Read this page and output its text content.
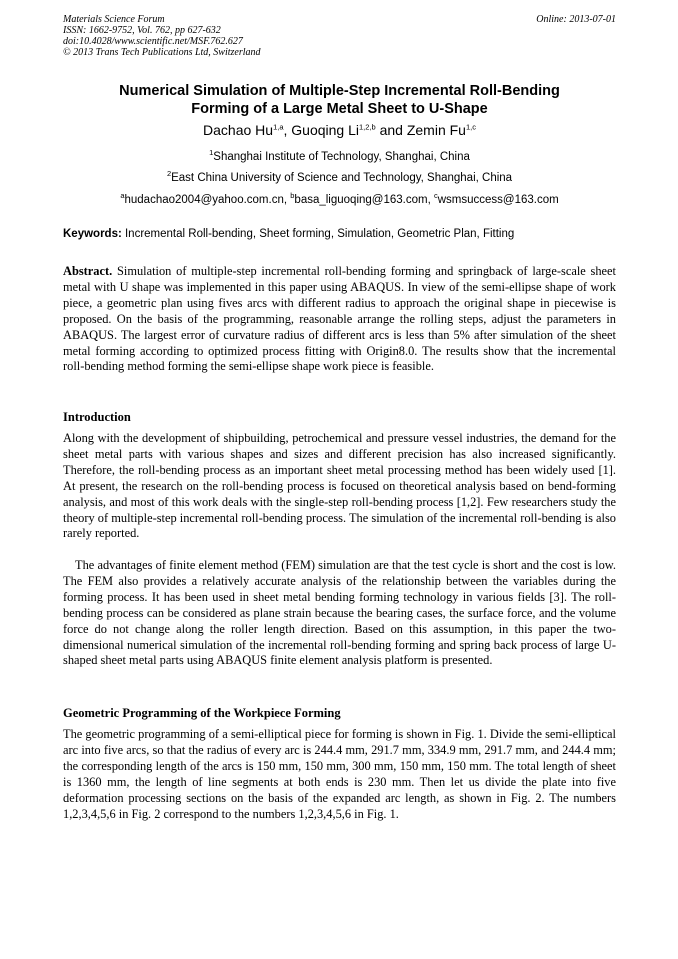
Materials Science Forum
ISSN: 1662-9752, Vol. 762, pp 627-632
doi:10.4028/www.scientific.net/MSF.762.627
© 2013 Trans Tech Publications Ltd, Switzerland
Online: 2013-07-01
Numerical Simulation of Multiple-Step Incremental Roll-Bending
Forming of a Large Metal Sheet to U-Shape
Dachao Hu$^{1,a}$, Guoqing Li$^{1,2,b}$ and Zemin Fu$^{1,c}$
$^1$Shanghai Institute of Technology, Shanghai, China
$^2$East China University of Science and Technology, Shanghai, China
$^a$hudachao2004@yahoo.com.cn, $^b$basa_liguoqing@163.com, $^c$wsmsuccess@163.com
Keywords: Incremental Roll-bending, Sheet forming, Simulation, Geometric Plan, Fitting

Abstract. Simulation of multiple-step incremental roll-bending forming and springback of large-scale sheet metal with U shape was implemented in this paper using ABAQUS. In view of the semi-ellipse shape of work piece, a geometric plan using fives arcs with different radius to approach the original shape in piecewise is proposed. On the basis of the programming, reasonable arrange the rolling steps, adjust the parameters in ABAQUS. The largest error of curvature radius of different arcs is less than 5% after simulation of the sheet metal forming according to optimized process fitting with Origin8.0. The results show that the incremental roll-bending method forming the semi-ellipse shape work piece is feasible.

Introduction

Along with the development of shipbuilding, petrochemical and pressure vessel industries, the demand for the sheet metal parts with various shapes and sizes and different precision has also increased significantly. Therefore, the roll-bending process as an important sheet metal processing method has been widely used [1]. At present, the research on the roll-bending process is focused on theoretical analysis based on bend-forming analysis, and most of this work deals with the single-step roll-bending process [1,2]. Few researchers study the theory of multiple-step incremental roll-bending process. The simulation of the incremental roll-bending is also rarely reported.

The advantages of finite element method (FEM) simulation are that the test cycle is short and the cost is low. The FEM also provides a relatively accurate analysis of the relationship between the variables during the forming process. It has been used in sheet metal bending forming technology in various fields [3]. The roll-bending process can be considered as plane strain because the bearing cases, the surface force, and the volume force do not change along the roller length direction. Based on this assumption, in this paper the two-dimensional numerical simulation of the incremental roll-bending forming and spring back process of large U-shaped sheet metal parts using ABAQUS finite element analysis platform is presented.

Geometric Programming of the Workpiece Forming

The geometric programming of a semi-elliptical piece for forming is shown in Fig. 1. Divide the semi-elliptical arc into five arcs, so that the radius of every arc is 244.4 mm, 291.7 mm, 334.9 mm, 291.7 mm, and 244.4 mm; the corresponding length of the arcs is 150 mm, 150 mm, 300 mm, 150 mm, 150 mm. The total length of sheet is 1360 mm, the length of line segments at both ends is 230 mm. Then let us divide the plate into five deformation processing sections on the basis of the expanded arc length, as shown in Fig. 2. The numbers 1,2,3,4,5,6 in Fig. 2 correspond to the numbers 1,2,3,4,5,6 in Fig. 1.
